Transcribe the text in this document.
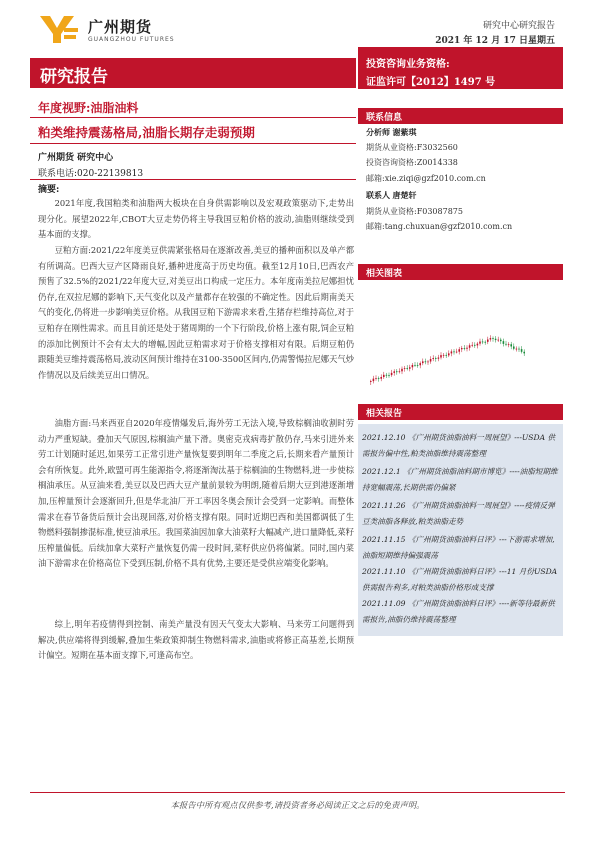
广州期货
GUANGZHOU FUTURES
研究中心研究报告
2021 年 12 月 17 日星期五
研究报告
投资咨询业务资格:
证监许可【2012】1497 号
年度视野:油脂油料
粕类维持震荡格局,油脂长期存走弱预期
广州期货 研究中心
联系电话:020-22139813
摘要:
2021年度,我国粕类和油脂两大板块在自身供需影响以及宏观政策驱动下,走势出现分化。展望2022年,CBOT大豆走势仍将主导我国豆粕价格的波动,油脂则继续受到基本面的支撑。
豆粕方面:2021/22年度美豆供需紧张格局在逐渐改善,美豆的播种面积以及单产都有所调高。巴西大豆产区降雨良好,播种进度高于历史均值。截至12月10日,巴西农产预售了32.5%的2021/22年度大豆,对美豆出口构成一定压力。本年度南美拉尼娜担忧仍存,在双拉尼娜的影响下,天气变化以及产量都存在较强的不确定性。因此后期南美天气的变化,仍将进一步影响美豆价格。从我国豆粕下游需求来看,生猪存栏维持高位,对于豆粕存在刚性需求。而且目前还是处于猪周期的一个下行阶段,价格上涨有限,饲企豆粕的添加比例预计不会有太大的增幅,因此豆粕需求对于价格支撑相对有限。后期豆粕仍跟随美豆维持震荡格局,波动区间预计维持在3100-3500区间内,仍需警惕拉尼娜天气炒作情况以及后续美豆出口情况。
油脂方面:马来西亚自2020年疫情爆发后,海外劳工无法入境,导致棕榈油收割时劳动力严重短缺。叠加天气原因,棕榈油产量下滑。奥密克戎病毒扩散仍存,马来引进外来劳工计划随时延迟,如果劳工正常引进产量恢复要到明年二季度之后,长期来看产量预计会有所恢复。此外,欧盟可再生能源指令,将逐渐淘汰基于棕榈油的生物燃料,进一步使棕榈油承压。从豆油来看,美豆以及巴西大豆产量前景较为明朗,随着后期大豆到港逐渐增加,压榨量预计会逐渐回升,但是华北油厂开工率因冬奥会预计会受到一定影响。而整体需求在春节备货后预计会出现回落,对价格支撑有限。同时近期巴西和美国都调低了生物燃料强制掺混标准,使豆油承压。我国菜油因加拿大油菜籽大幅减产,进口量降低,菜籽压榨量偏低。后续加拿大菜籽产量恢复仍需一段时间,菜籽供应仍将偏紧。同时,国内菜油下游需求在价格高位下受到压制,价格不具有优势,主要还是受供应端变化影响。
综上,明年若疫情得到控制、南美产量没有因天气变太大影响、马来劳工问题得到解决,供应端将得到缓解,叠加生柴政策抑制生物燃料需求,油脂或将修正高基差,长期预计偏空。短期在基本面支撑下,可逢高布空。
联系信息
分析师 谢紫琪
期货从业资格:F3032560
投资咨询资格:Z0014338
邮箱:xie.ziqi@gzf2010.com.cn
联系人 唐楚轩
期货从业资格:F03087875
邮箱:tang.chuxuan@gzf2010.com.cn
相关图表
相关报告
2021.12.10 《广州期货油脂油料一周展望》---USDA 供需报告偏中性,粕类油脂维持震荡整理
2021.12.1 《广州期货油脂油料期市博览》----油脂短期维持宽幅震荡,长期供需仍偏紧
2021.11.26 《广州期货油脂油料一周展望》----疫情反弹豆类油脂各释放,粕类油脂走势
2021.11.15 《广州期货油脂油料日评》---下游需求增加,油脂短期维持偏强震荡
2021.11.10 《广州期货油脂油料日评》---11 月份USDA 供需报告利多,对粕类油脂价格形成支撑
2021.11.09 《广州期货油脂油料日评》----新等待最新供需报告,油脂仍维持震荡整理
本报告中所有观点仅供参考,请投资者务必阅读正文之后的免责声明。
